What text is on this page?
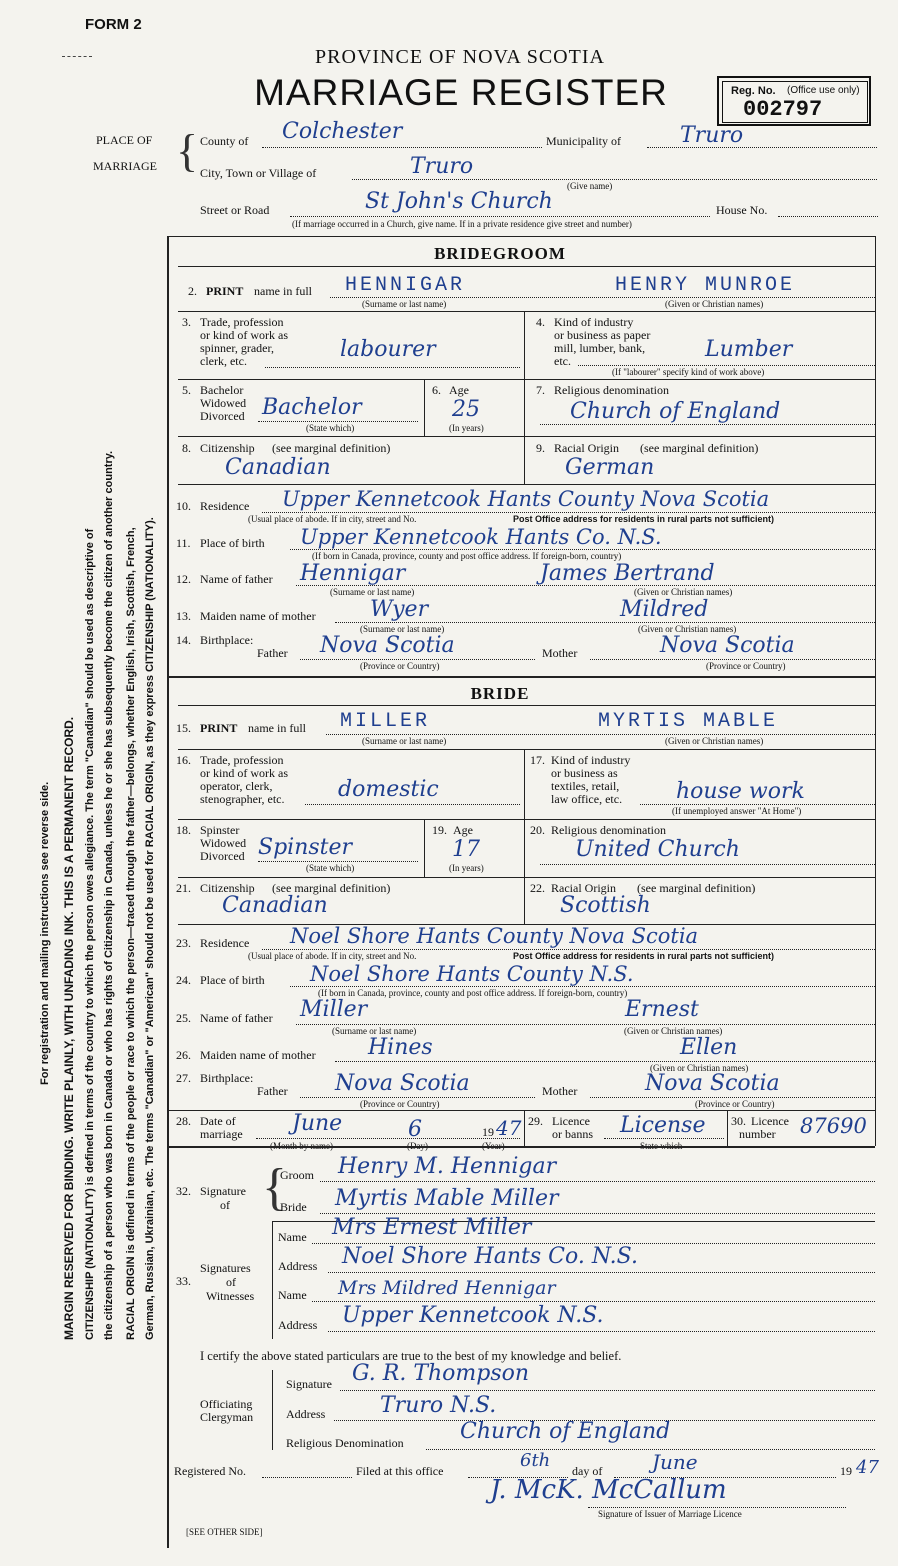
FORM 2
PROVINCE OF NOVA SCOTIA
MARRIAGE REGISTER	Reg. No. (Office use only)
002797
PLACE OF
MARRIAGE { County of Colchester	Municipality of	Truro
City, Town or Village of	Truro
(Give name)
Street or Road	St John's Church	House No.
(If marriage occurred in a Church, give name. If in a private residence give street and number)
For registration and mailing instructions see reverse side. MARGIN RESERVED FOR BINDING. WRITE PLAINLY, WITH UNFADING INK. THIS IS A PERMANENT RECORD. CITIZENSHIP (NATIONALITY) is defined in terms of the country to which the person owes allegiance. The term "Canadian" should be used as descriptive of the citizenship of a person who was born in Canada or who has rights of Citizenship in Canada, unless he or she has subsequently become the citizen of another country. RACIAL ORIGIN is defined in terms of the people or race to which the person—traced through the father—belongs, whether English, Irish, Scottish, French, German, Russian, Ukrainian, etc. The terms "Canadian" or "American" should not be used for RACIAL ORIGIN, as they express CITIZENSHIP (NATIONALITY).
BRIDEGROOM
2. PRINT name in full HENNIGAR	HENRY MUNROE
(Surname or last name)	(Given or Christian names)
3. Trade, profession
or kind of work as
spinner, grader,
clerk, etc.	labourer
4. Kind of industry
or business as paper
mill, lumber, bank,
etc.	Lumber
(If "labourer" specify kind of work above)
5. Bachelor
Widowed
Divorced Bachelor
(State which)
6. Age
25
(In years)
7. Religious denomination
Church of England
8. Citizenship (see marginal definition)
Canadian
9. Racial Origin (see marginal definition)
German
10. Residence Upper Kennetcook Hants County Nova Scotia
(Usual place of abode. If in city, street and No.	Post Office address for residents in rural parts not sufficient)
11. Place of birth Upper Kennetcook Hants Co. N.S.
(If born in Canada, province, county and post office address. If foreign-born, country)
12. Name of father Hennigar	James Bertrand
(Surname or last name)	(Given or Christian names)
13. Maiden name of mother Wyer	Mildred
(Surname or last name)	(Given or Christian names)
14. Birthplace:
Father Nova Scotia	Mother	Nova Scotia
(Province or Country)	(Province or Country)
BRIDE
15. PRINT name in full MILLER	MYRTIS MABLE
(Surname or last name)	(Given or Christian names)
16. Trade, profession
or kind of work as
operator, clerk,
stenographer, etc. domestic
17. Kind of industry
or business as
textiles, retail,
law office, etc. house work
(If unemployed answer "At Home")
18. Spinster
Widowed
Divorced Spinster
(State which)
19. Age
17
(In years)
20. Religious denomination
United Church
21. Citizenship (see marginal definition)
Canadian
22. Racial Origin (see marginal definition)
Scottish
23. Residence Noel Shore Hants County Nova Scotia
(Usual place of abode. If in city, street and No.	Post Office address for residents in rural parts not sufficient)
24. Place of birth Noel Shore Hants County N.S.
(If born in Canada, province, county and post office address. If foreign-born, country)
25. Name of father Miller	Ernest
(Surname or last name)	(Given or Christian names)
26. Maiden name of mother Hines	Ellen
(Given or Christian names)
27. Birthplace:
Father Nova Scotia	Mother	Nova Scotia
(Province or Country)	(Province or Country)
28. Date of
marriage June	6	19 47
(Month by name)	(Day)	(Year)
29. Licence
or banns License
State which
30. Licence
number 87690
32. Signature
of {
Groom Henry M. Hennigar
Bride Myrtis Mable Miller
33.
Signatures
of
Witnesses
Name Mrs Ernest Miller
Address Noel Shore Hants Co. N.S.
Name Mrs Mildred Hennigar
Address Upper Kennetcook N.S.
I certify the above stated particulars are true to the best of my knowledge and belief.
Officiating
Clergyman
Signature G. R. Thompson
Address Truro N.S.
Religious Denomination	Church of England
Registered No.	Filed at this office	6th day of June	19 47
J. McK. McCallum
Signature of Issuer of Marriage Licence
[SEE OTHER SIDE]
